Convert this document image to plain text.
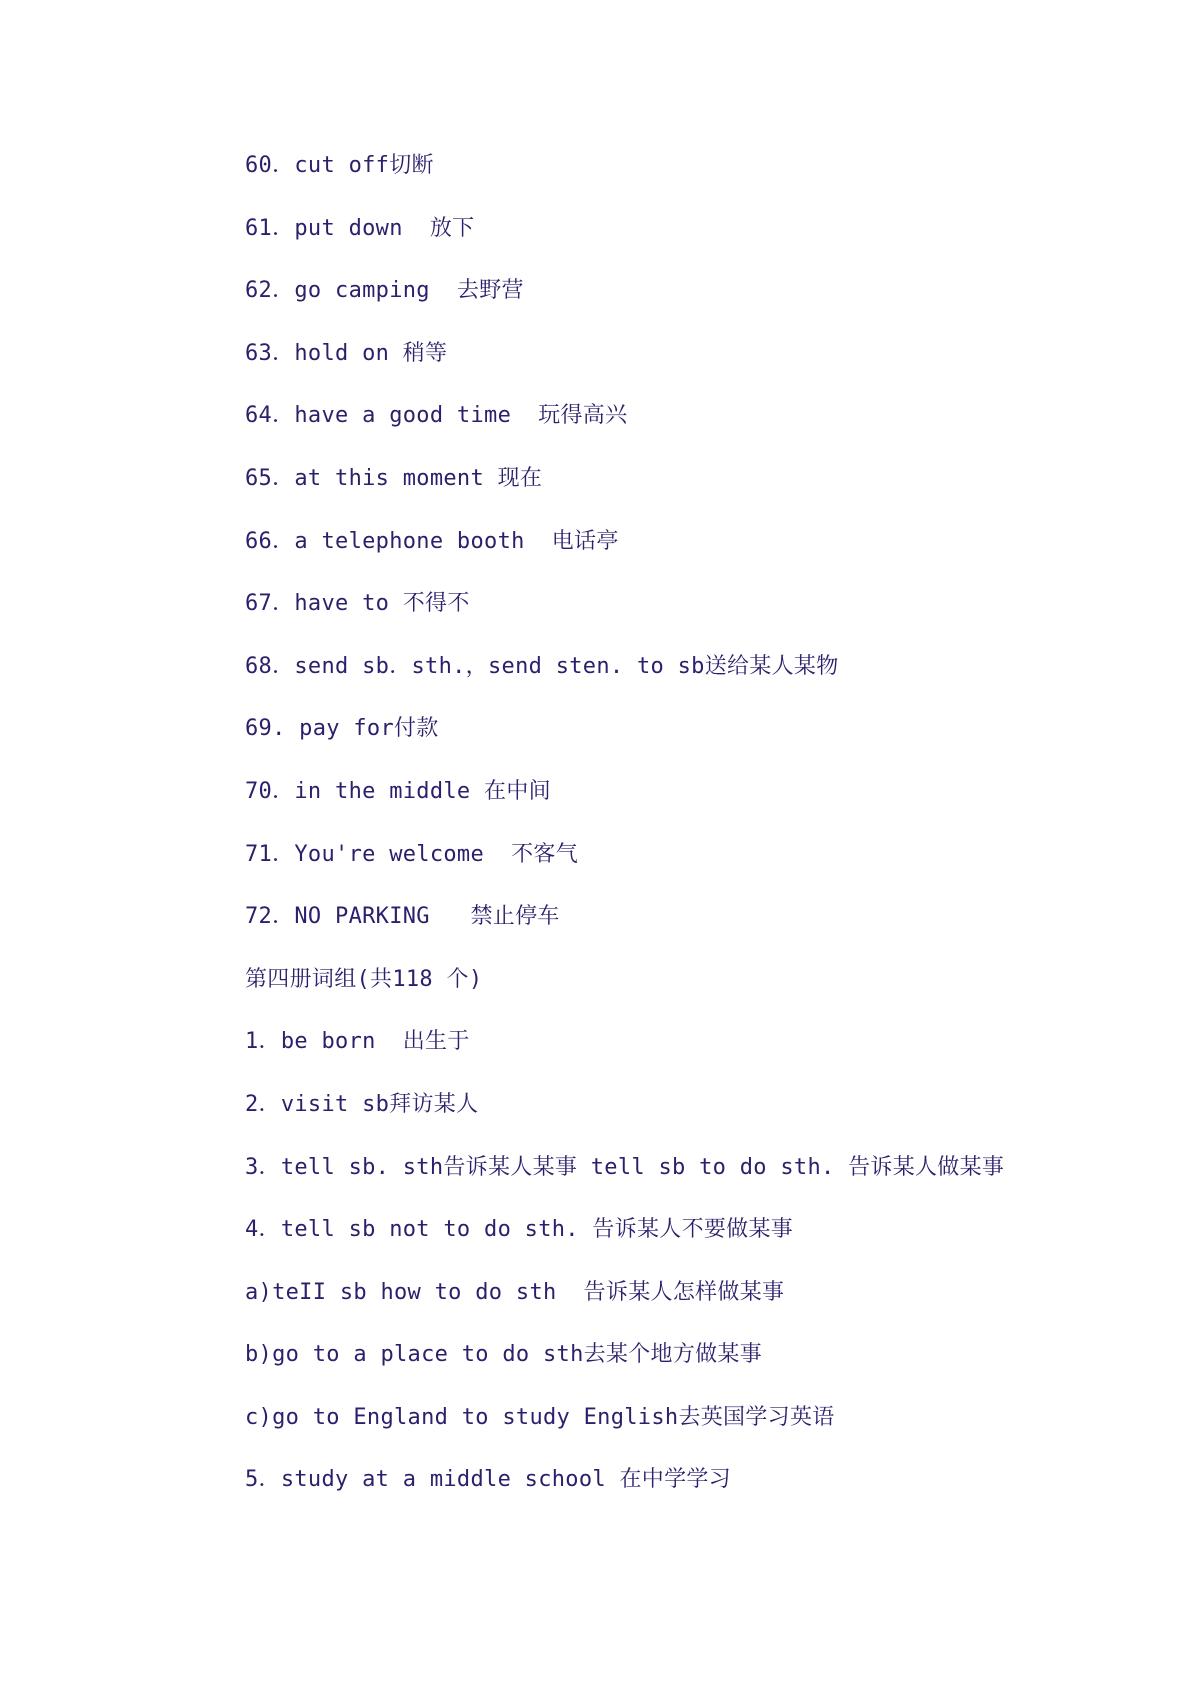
60．cut off切断
61．put down  放下
62．go camping  去野营
63．hold on 稍等
64．have a good time  玩得高兴
65．at this moment 现在
66．a telephone booth  电话亭
67．have to 不得不
68．send sb．sth.，send sten. to sb送给某人某物
69. pay for付款
70．in the middle 在中间
71．You're welcome  不客气
72．NO PARKING   禁止停车
第四册词组(共118 个)
1．be born  出生于
2．visit sb拜访某人
3．tell sb. sth告诉某人某事 tell sb to do sth. 告诉某人做某事
4．tell sb not to do sth. 告诉某人不要做某事
a)teII sb how to do sth  告诉某人怎样做某事
b)go to a place to do sth去某个地方做某事
c)go to England to study English去英国学习英语
5．study at a middle school 在中学学习
